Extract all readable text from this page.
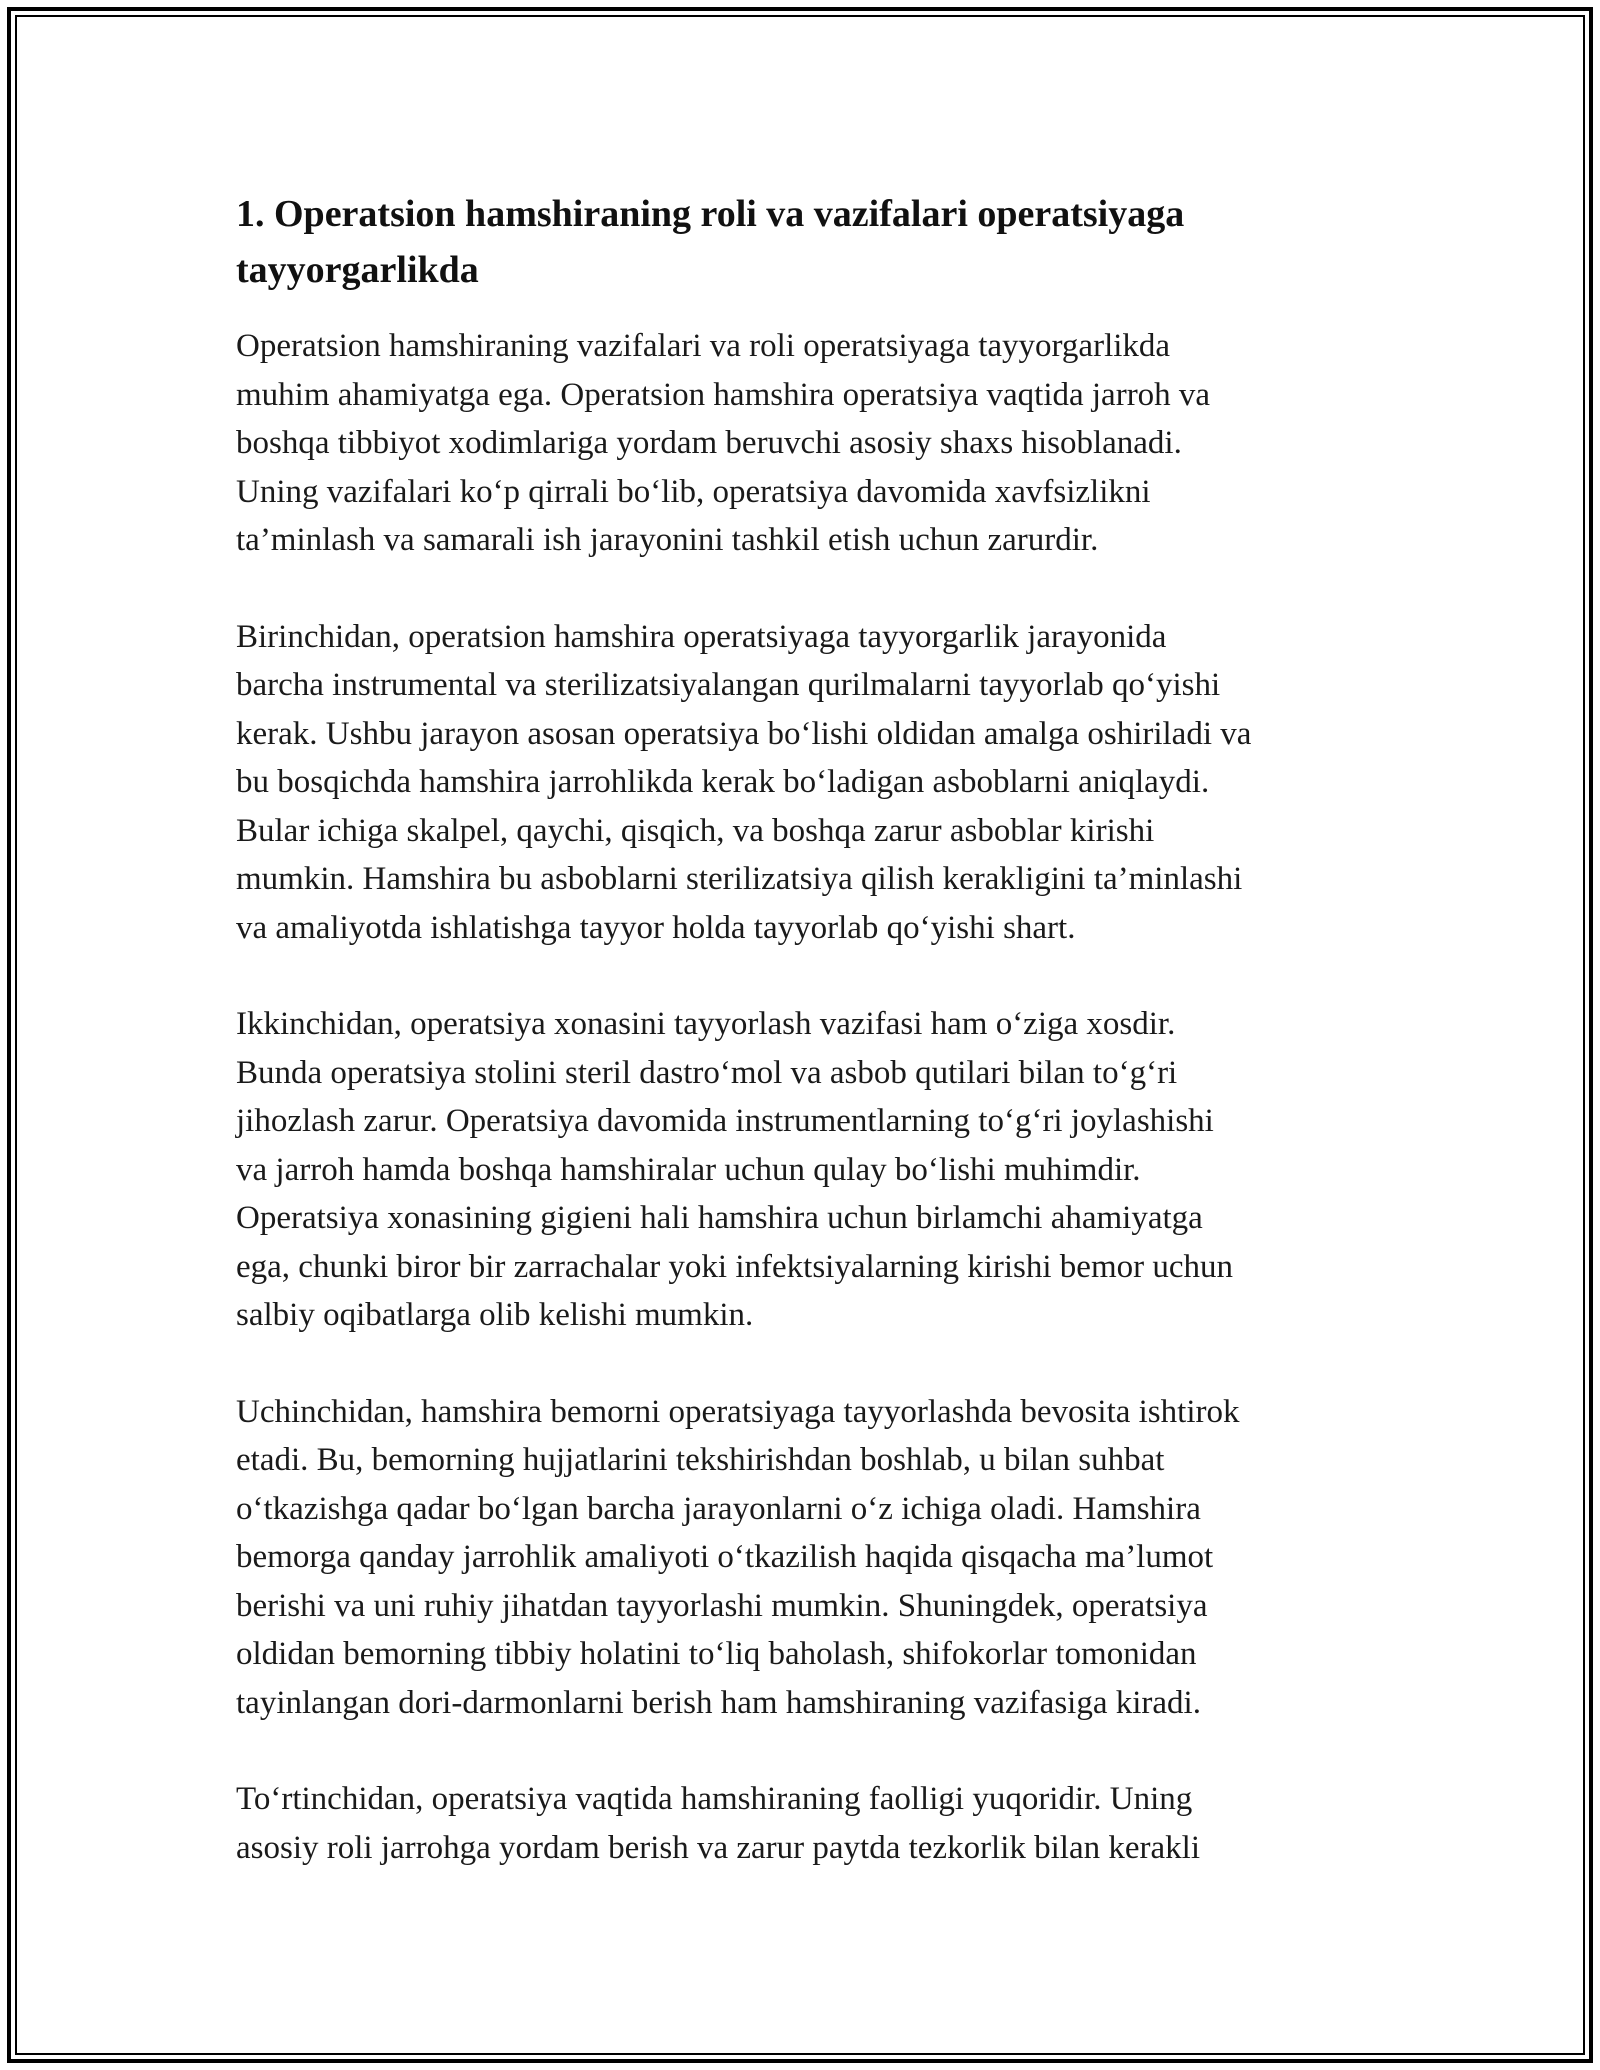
1. Operatsion hamshiraning roli va vazifalari operatsiyaga
tayyorgarlikda

Operatsion hamshiraning vazifalari va roli operatsiyaga tayyorgarlikda
muhim ahamiyatga ega. Operatsion hamshira operatsiya vaqtida jarroh va
boshqa tibbiyot xodimlariga yordam beruvchi asosiy shaxs hisoblanadi.
Uning vazifalari ko‘p qirrali bo‘lib, operatsiya davomida xavfsizlikni
ta’minlash va samarali ish jarayonini tashkil etish uchun zarurdir.

Birinchidan, operatsion hamshira operatsiyaga tayyorgarlik jarayonida
barcha instrumental va sterilizatsiyalangan qurilmalarni tayyorlab qo‘yishi
kerak. Ushbu jarayon asosan operatsiya bo‘lishi oldidan amalga oshiriladi va
bu bosqichda hamshira jarrohlikda kerak bo‘ladigan asboblarni aniqlaydi.
Bular ichiga skalpel, qaychi, qisqich, va boshqa zarur asboblar kirishi
mumkin. Hamshira bu asboblarni sterilizatsiya qilish kerakligini ta’minlashi
va amaliyotda ishlatishga tayyor holda tayyorlab qo‘yishi shart.

Ikkinchidan, operatsiya xonasini tayyorlash vazifasi ham o‘ziga xosdir.
Bunda operatsiya stolini steril dastro‘mol va asbob qutilari bilan to‘g‘ri
jihozlash zarur. Operatsiya davomida instrumentlarning to‘g‘ri joylashishi
va jarroh hamda boshqa hamshiralar uchun qulay bo‘lishi muhimdir.
Operatsiya xonasining gigieni hali hamshira uchun birlamchi ahamiyatga
ega, chunki biror bir zarrachalar yoki infektsiyalarning kirishi bemor uchun
salbiy oqibatlarga olib kelishi mumkin.

Uchinchidan, hamshira bemorni operatsiyaga tayyorlashda bevosita ishtirok
etadi. Bu, bemorning hujjatlarini tekshirishdan boshlab, u bilan suhbat
o‘tkazishga qadar bo‘lgan barcha jarayonlarni o‘z ichiga oladi. Hamshira
bemorga qanday jarrohlik amaliyoti o‘tkazilish haqida qisqacha ma’lumot
berishi va uni ruhiy jihatdan tayyorlashi mumkin. Shuningdek, operatsiya
oldidan bemorning tibbiy holatini to‘liq baholash, shifokorlar tomonidan
tayinlangan dori-darmonlarni berish ham hamshiraning vazifasiga kiradi.

To‘rtinchidan, operatsiya vaqtida hamshiraning faolligi yuqoridir. Uning
asosiy roli jarrohga yordam berish va zarur paytda tezkorlik bilan kerakli
